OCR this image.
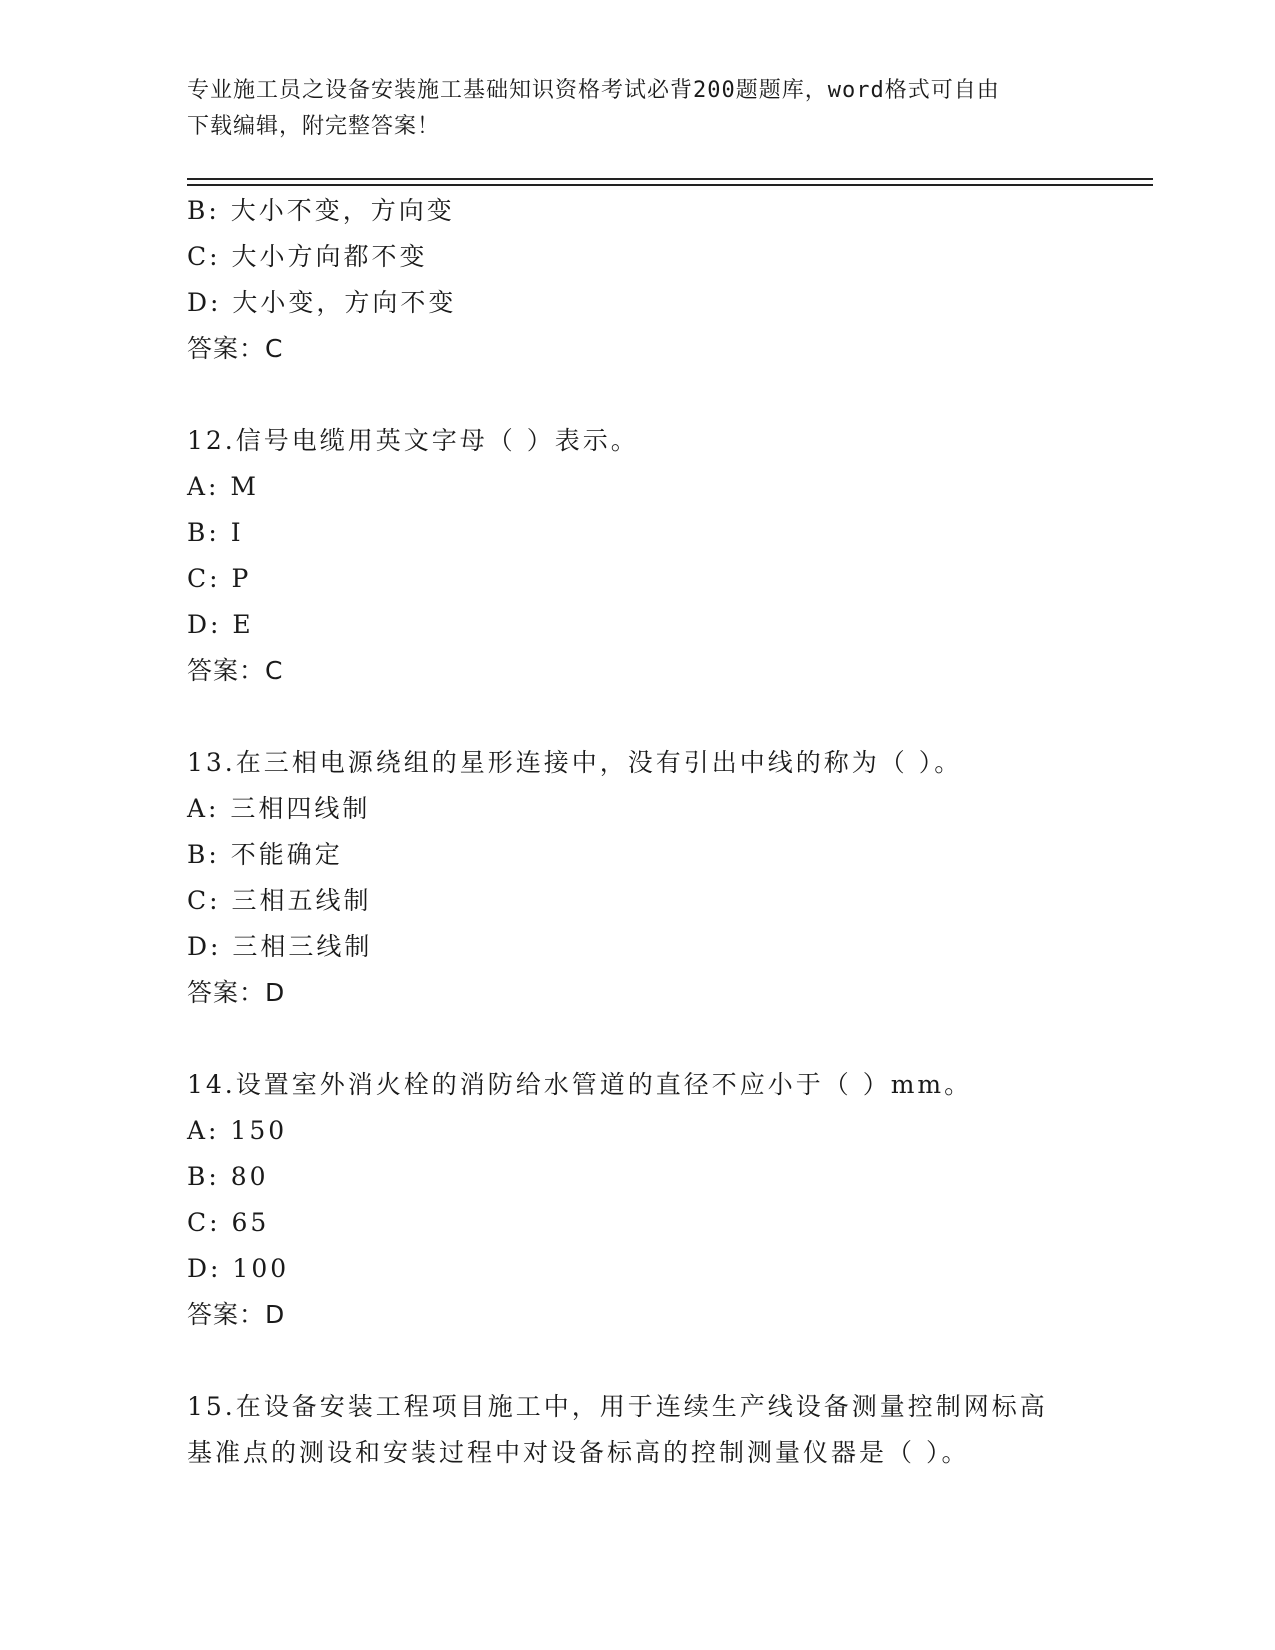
专业施工员之设备安装施工基础知识资格考试必背200题题库，word格式可自由
下载编辑，附完整答案！
B: 大小不变，方向变
C: 大小方向都不变
D: 大小变，方向不变
答案：C
12.信号电缆用英文字母（ ）表示。
A: M
B: I
C: P
D: E
答案：C
13.在三相电源绕组的星形连接中，没有引出中线的称为（ ）。
A: 三相四线制
B: 不能确定
C: 三相五线制
D: 三相三线制
答案：D
14.设置室外消火栓的消防给水管道的直径不应小于（ ）mm。
A: 150
B: 80
C: 65
D: 100
答案：D
15.在设备安装工程项目施工中，用于连续生产线设备测量控制网标高
基准点的测设和安装过程中对设备标高的控制测量仪器是（ ）。
